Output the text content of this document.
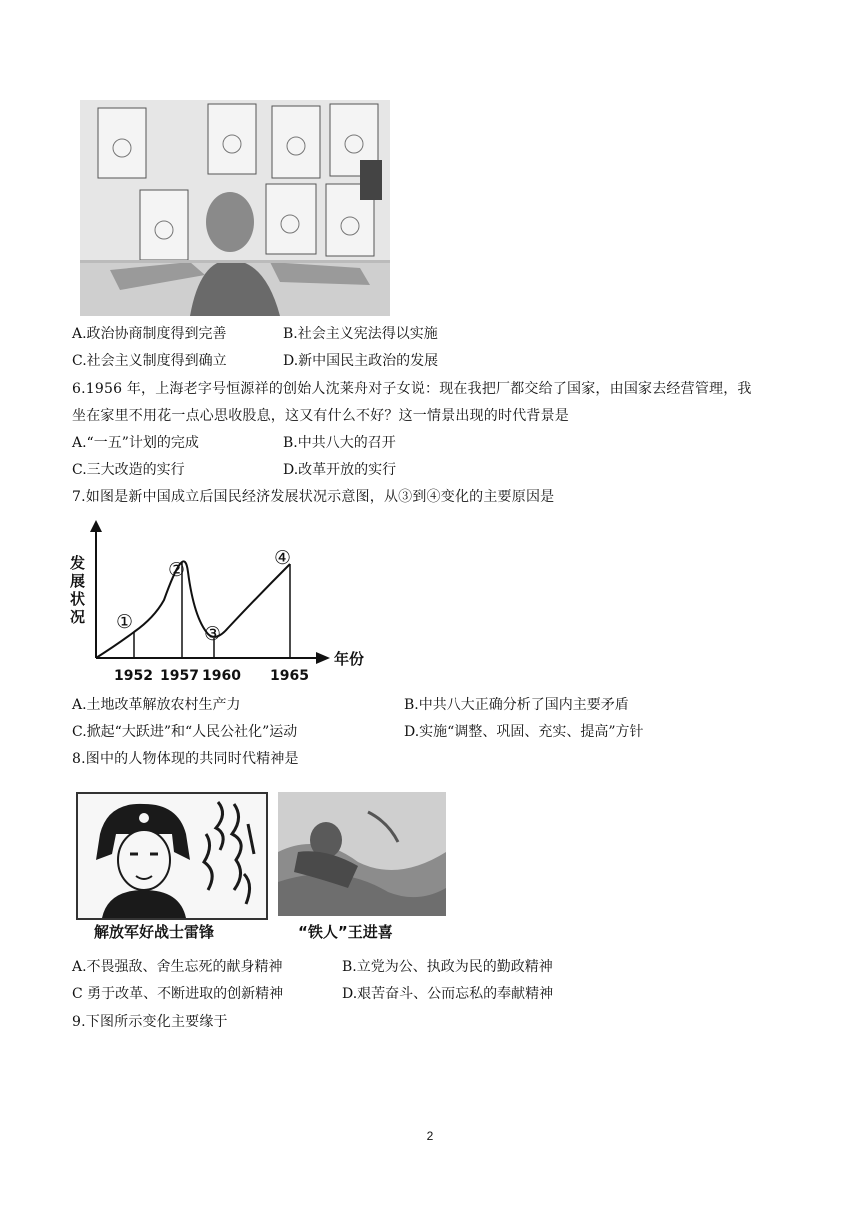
A.政治协商制度得到完善	B.社会主义宪法得以实施
C.社会主义制度得到确立	D.新中国民主政治的发展
6.1956 年，上海老字号恒源祥的创始人沈莱舟对子女说：现在我把厂都交给了国家，由国家去经营管理，我
坐在家里不用花一点心思收股息，这又有什么不好？这一情景出现的时代背景是
A.“一五”计划的完成	B.中共八大的召开
C.三大改造的实行	D.改革开放的实行
7.如图是新中国成立后国民经济发展状况示意图，从③到④变化的主要原因是
发
展
状
况
年份
①
②
③
④
1952 1957 1960 1965
A.土地改革解放农村生产力	B.中共八大正确分析了国内主要矛盾
C.掀起“大跃进”和“人民公社化”运动	D.实施“调整、巩固、充实、提高”方针
8.图中的人物体现的共同时代精神是
解放军好战士雷锋	“铁人”王进喜
A.不畏强敌、舍生忘死的献身精神	B.立党为公、执政为民的勤政精神
C 勇于改革、不断进取的创新精神	D.艰苦奋斗、公而忘私的奉献精神
9.下图所示变化主要缘于
2
